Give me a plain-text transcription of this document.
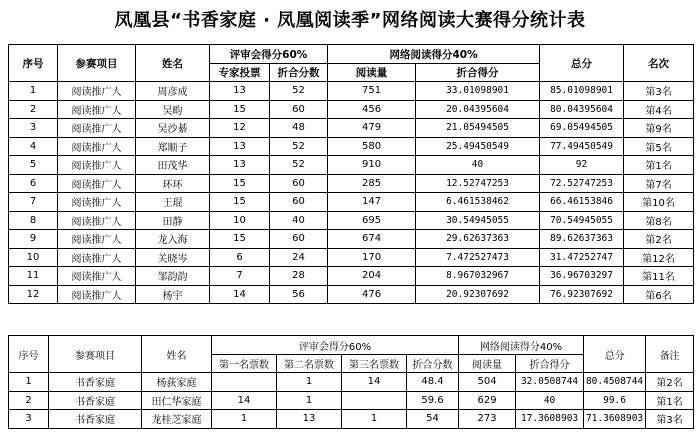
凤凰县“书香家庭 · 凤凰阅读季”网络阅读大赛得分统计表
序号	参赛项目	姓名	评审会得分60%		网络阅读得分40%		总分	名次
			专家投票	折合分数	阅读量	折合得分		
1	阅读推广人	周彦成	13	52	751	33.01098901	85.01098901	第3名
2	阅读推广人	吴畇	15	60	456	20.04395604	80.04395604	第4名
3	阅读推广人	吴沙綦	12	48	479	21.05494505	69.05494505	第9名
4	阅读推广人	郑顺子	13	52	580	25.49450549	77.49450549	第5名
5	阅读推广人	田茂华	13	52	910	40	92	第1名
6	阅读推广人	环环	15	60	285	12.52747253	72.52747253	第7名
7	阅读推广人	王琨	15	60	147	6.461538462	66.46153846	第10名
8	阅读推广人	田静	10	40	695	30.54945055	70.54945055	第8名
9	阅读推广人	龙入海	15	60	674	29.62637363	89.62637363	第2名
10	阅读推广人	关晓岑	6	24	170	7.472527473	31.47252747	第12名
11	阅读推广人	邹韵韵	7	28	204	8.967032967	36.96703297	第11名
12	阅读推广人	杨宇	14	56	476	20.92307692	76.92307692	第6名
序号	参赛项目	姓名	评审会得分60%				网络阅读得分40%		总分	备注
			第一名票数	第二名票数	第三名票数	折合分数	阅读量	折合得分		
1	书香家庭	杨荻家庭		1	14	48.4	504	32.0508744	80.4508744	第2名
2	书香家庭	田仁华家庭	14	1		59.6	629	40	99.6	第1名
3	书香家庭	龙桂芝家庭	1	13	1	54	273	17.3608903	71.3608903	第3名
